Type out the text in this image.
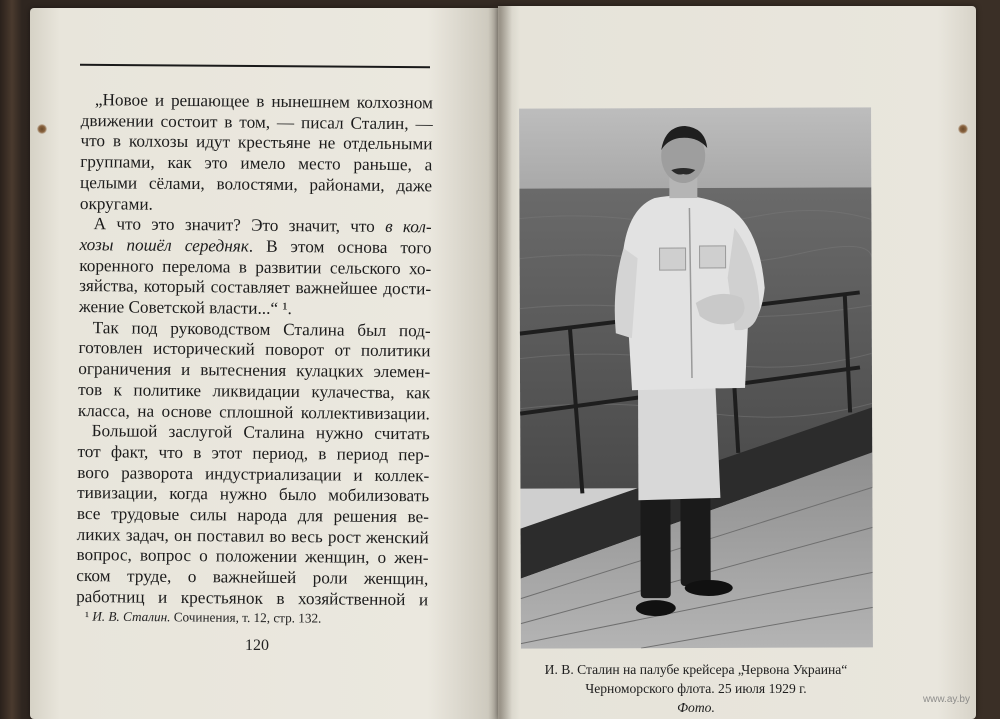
„Новое и решающее в нынешнем колхозном
движении состоит в том, — писал Сталин, —
что в колхозы идут крестьяне не отдельными
группами, как это имело место раньше, а
целыми сёлами, волостями, районами, даже
округами.
А что это значит? Это значит, что в кол-
хозы пошёл середняк. В этом основа того
коренного перелома в развитии сельского хо-
зяйства, который составляет важнейшее дости-
жение Советской власти...“ ¹.
Так под руководством Сталина был под-
готовлен исторический поворот от политики
ограничения и вытеснения кулацких элемен-
тов к политике ликвидации кулачества, как
класса, на основе сплошной коллективизации.
Большой заслугой Сталина нужно считать
тот факт, что в этот период, в период пер-
вого разворота индустриализации и коллек-
тивизации, когда нужно было мобилизовать
все трудовые силы народа для решения ве-
ликих задач, он поставил во весь рост женский
вопрос, вопрос о положении женщин, о жен-
ском труде, о важнейшей роли женщин,
работниц и крестьянок в хозяйственной и
¹ И. В. Сталин. Сочинения, т. 12, стр. 132.
120
И. В. Сталин на палубе крейсера „Червона Украина“
Черноморского флота. 25 июля 1929 г.
Фото.
www.ay.by
